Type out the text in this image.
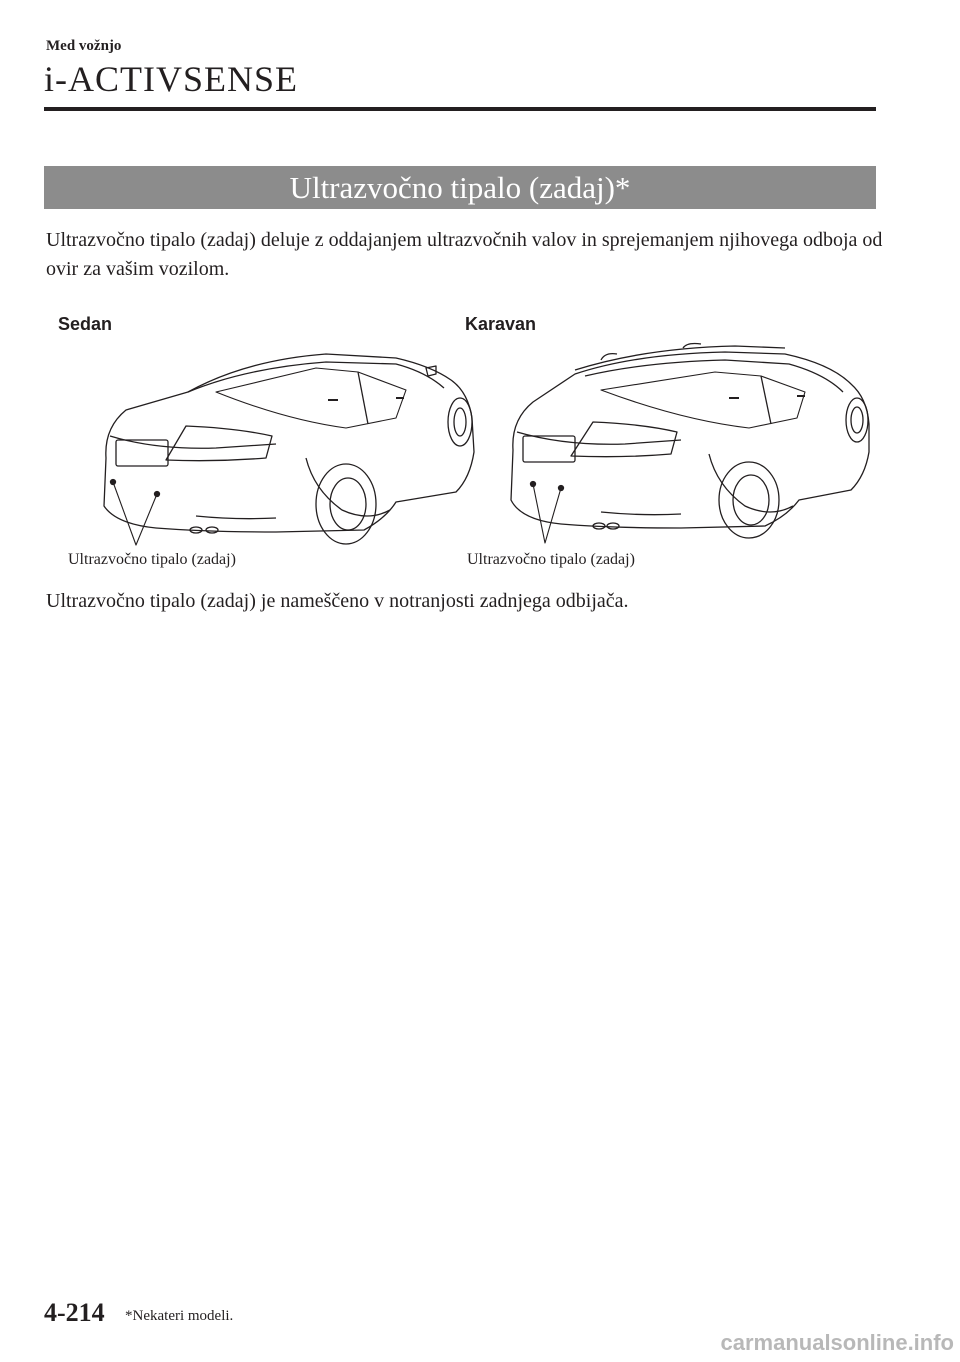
Med vožnjo
i-ACTIVSENSE
Ultrazvočno tipalo (zadaj)*
Ultrazvočno tipalo (zadaj) deluje z oddajanjem ultrazvočnih valov in sprejemanjem njihovega odboja od ovir za vašim vozilom.
Sedan	Karavan
Ultrazvočno tipalo (zadaj)	Ultrazvočno tipalo (zadaj)
Ultrazvočno tipalo (zadaj) je nameščeno v notranjosti zadnjega odbijača.
4-214 *Nekateri modeli.
carmanualsonline.info
